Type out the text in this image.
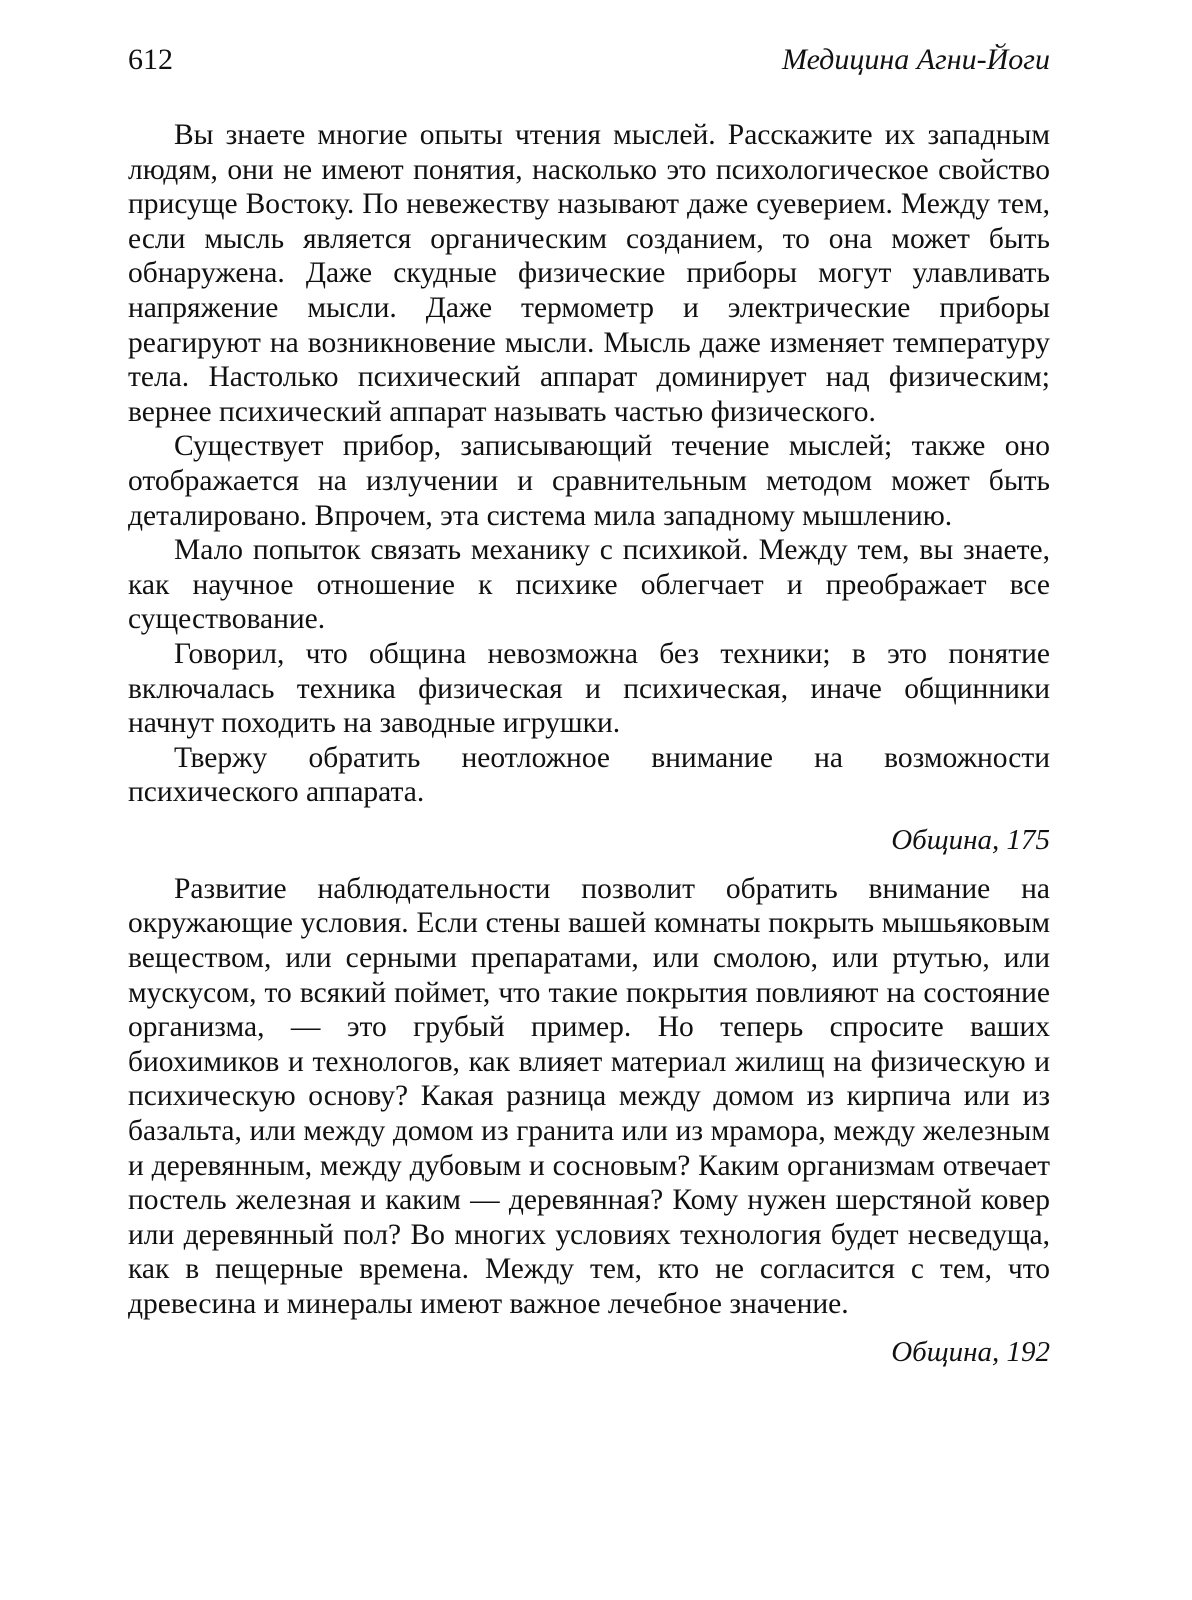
612	Медицина Агни-Йоги

Вы знаете многие опыты чтения мыслей. Расскажите их западным людям, они не имеют понятия, насколько это психологическое свойство присуще Востоку. По невежеству называют даже суеверием. Между тем, если мысль является органическим созданием, то она может быть обнаружена. Даже скудные физические приборы могут улавливать напряжение мысли. Даже термометр и электрические приборы реагируют на возникновение мысли. Мысль даже изменяет температуру тела. Настолько психический аппарат доминирует над физическим; вернее психический аппарат называть частью физического.

Существует прибор, записывающий течение мыслей; также оно отображается на излучении и сравнительным методом может быть деталировано. Впрочем, эта система мила западному мышлению.

Мало попыток связать механику с психикой. Между тем, вы знаете, как научное отношение к психике облегчает и преображает все существование.

Говорил, что община невозможна без техники; в это понятие включалась техника физическая и психическая, иначе общинники начнут походить на заводные игрушки.

Твержу обратить неотложное внимание на возможности психического аппарата.

Община, 175

Развитие наблюдательности позволит обратить внимание на окружающие условия. Если стены вашей комнаты покрыть мышьяковым веществом, или серными препаратами, или смолою, или ртутью, или мускусом, то всякий поймет, что такие покрытия повлияют на состояние организма, — это грубый пример. Но теперь спросите ваших биохимиков и технологов, как влияет материал жилищ на физическую и психическую основу? Какая разница между домом из кирпича или из базальта, или между домом из гранита или из мрамора, между железным и деревянным, между дубовым и сосновым? Каким организмам отвечает постель железная и каким — деревянная? Кому нужен шерстяной ковер или деревянный пол? Во многих условиях технология будет несведуща, как в пещерные времена. Между тем, кто не согласится с тем, что древесина и минералы имеют важное лечебное значение.

Община, 192
